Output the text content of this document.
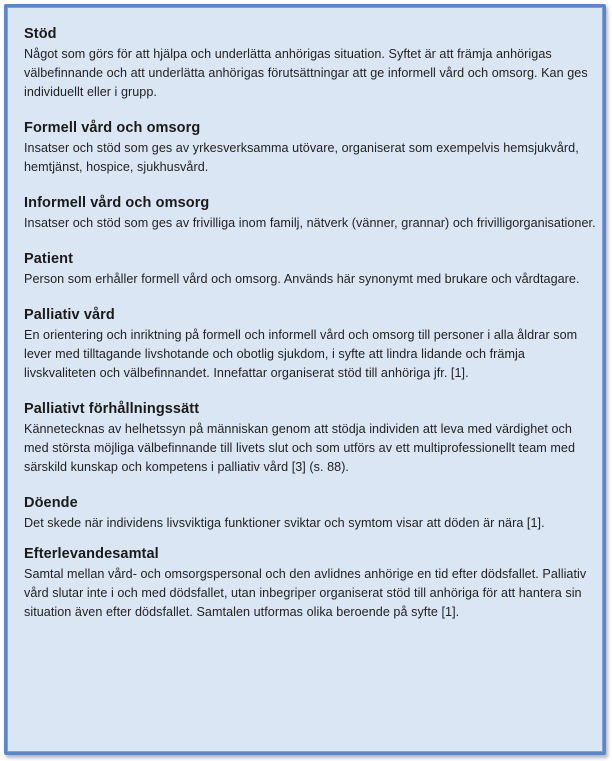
Stöd

Något som görs för att hjälpa och underlätta anhörigas situation. Syftet är att främja anhörigas välbefinnande och att underlätta anhörigas förutsättningar att ge informell vård och omsorg. Kan ges individuellt eller i grupp.

Formell vård och omsorg

Insatser och stöd som ges av yrkesverksamma utövare, organiserat som exempelvis hemsjukvård, hemtjänst, hospice, sjukhusvård.

Informell vård och omsorg

Insatser och stöd som ges av frivilliga inom familj, nätverk (vänner, grannar) och frivilligorganisationer.

Patient

Person som erhåller formell vård och omsorg. Används här synonymt med brukare och vårdtagare.

Palliativ vård

En orientering och inriktning på formell och informell vård och omsorg till personer i alla åldrar som lever med tilltagande livshotande och obotlig sjukdom, i syfte att lindra lidande och främja livskvaliteten och välbefinnandet. Innefattar organiserat stöd till anhöriga jfr. [1].

Palliativt förhållningssätt

Kännetecknas av helhetssyn på människan genom att stödja individen att leva med värdighet och med största möjliga välbefinnande till livets slut och som utförs av ett multiprofessionellt team med särskild kunskap och kompetens i palliativ vård [3] (s. 88).

Döende

Det skede när individens livsviktiga funktioner sviktar och symtom visar att döden är nära [1].

Efterlevandesamtal

Samtal mellan vård- och omsorgspersonal och den avlidnes anhörige en tid efter dödsfallet. Palliativ vård slutar inte i och med dödsfallet, utan inbegriper organiserat stöd till anhöriga för att hantera sin situation även efter dödsfallet. Samtalen utformas olika beroende på syfte [1].
